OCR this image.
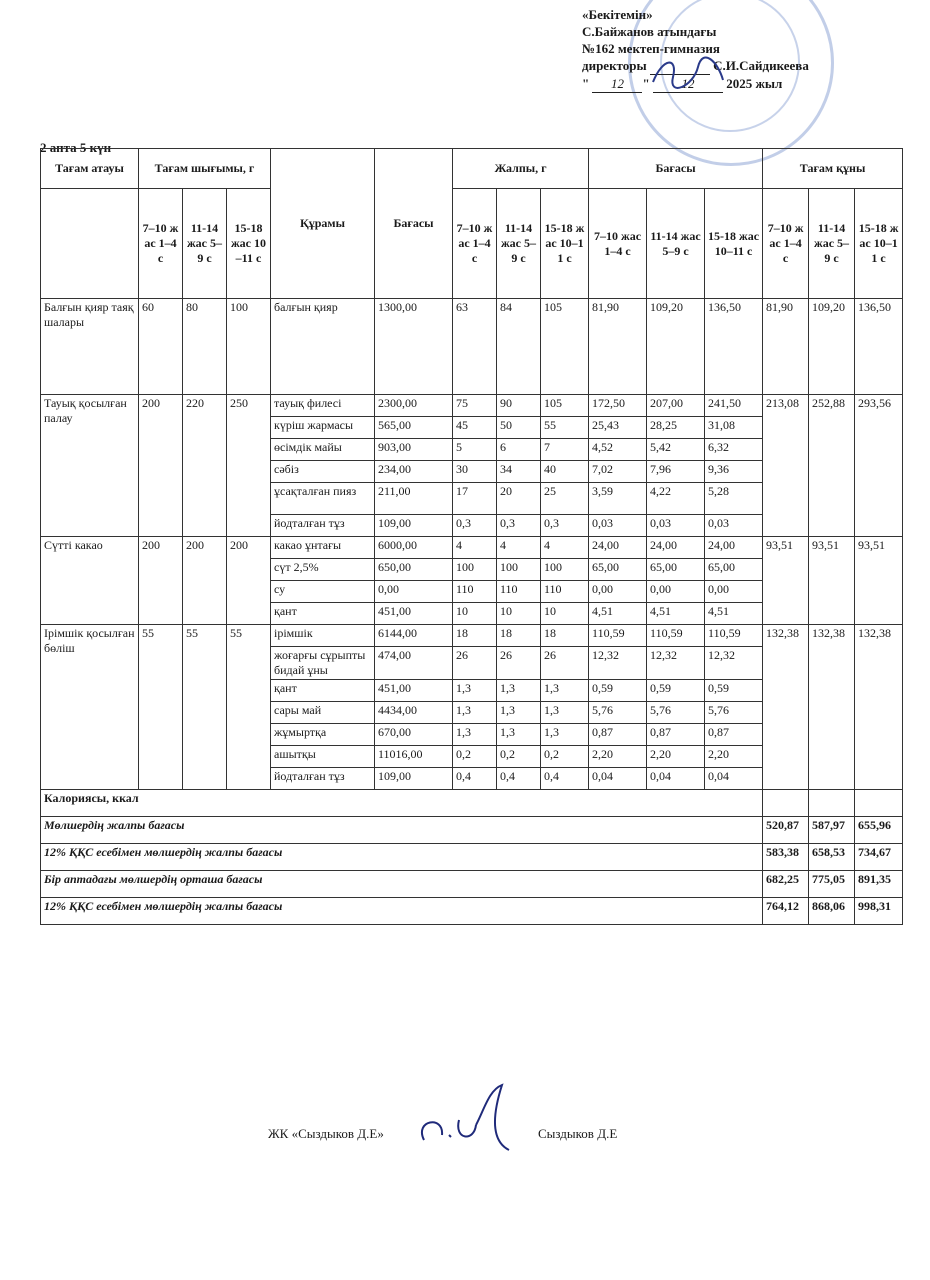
«Бекітемін»
С.Байжанов атындағы
№162 мектеп-гимназия
директоры	С.И.Сайдикеева
" 12 " 12 2025 жыл
2 апта 5 күн
Тағам атауы	Тағам шығымы, г			Құрамы	Бағасы	Жалпы, г			Бағасы			Тағам құны		
	7–10 жас 1–4 с	11-14 жас 5–9 с	15-18 жас 10–11 с			7–10 жас 1–4 с	11-14 жас 5–9 с	15-18 жас 10–11 с	7–10 жас 1–4 с	11-14 жас 5–9 с	15-18 жас 10–11 с	7–10 жас 1–4 с	11-14 жас 5–9 с	15-18 жас 10–11 с
Балғын қияр таяқшалары	60	80	100	балғын қияр	1300,00	63	84	105	81,90	109,20	136,50	81,90	109,20	136,50
Тауық қосылған палау	200	220	250	тауық филесі	2300,00	75	90	105	172,50	207,00	241,50	213,08	252,88	293,56
				күріш жармасы	565,00	45	50	55	25,43	28,25	31,08			
				өсімдік майы	903,00	5	6	7	4,52	5,42	6,32			
				сәбіз	234,00	30	34	40	7,02	7,96	9,36			
				ұсақталған пияз	211,00	17	20	25	3,59	4,22	5,28			
				йодталған тұз	109,00	0,3	0,3	0,3	0,03	0,03	0,03			
Сүтті какао	200	200	200	какао ұнтағы	6000,00	4	4	4	24,00	24,00	24,00	93,51	93,51	93,51
				сүт 2,5%	650,00	100	100	100	65,00	65,00	65,00			
				су	0,00	110	110	110	0,00	0,00	0,00			
				қант	451,00	10	10	10	4,51	4,51	4,51			
Ірімшік қосылған бөліш	55	55	55	ірімшік	6144,00	18	18	18	110,59	110,59	110,59	132,38	132,38	132,38
				жоғарғы сұрыпты бидай ұны	474,00	26	26	26	12,32	12,32	12,32			
				қант	451,00	1,3	1,3	1,3	0,59	0,59	0,59			
				сары май	4434,00	1,3	1,3	1,3	5,76	5,76	5,76			
				жұмыртқа	670,00	1,3	1,3	1,3	0,87	0,87	0,87			
				ашытқы	11016,00	0,2	0,2	0,2	2,20	2,20	2,20			
				йодталған тұз	109,00	0,4	0,4	0,4	0,04	0,04	0,04			
Калориясы, ккал														
Мөлшердің жалпы бағасы												520,87	587,97	655,96
12% ҚҚС есебімен мөлшердің жалпы бағасы												583,38	658,53	734,67
Бір аптадағы мөлшердің орташа бағасы												682,25	775,05	891,35
12% ҚҚС есебімен мөлшердің жалпы бағасы												764,12	868,06	998,31
ЖК «Сыздыков Д.Е»	Сыздыков Д.Е
